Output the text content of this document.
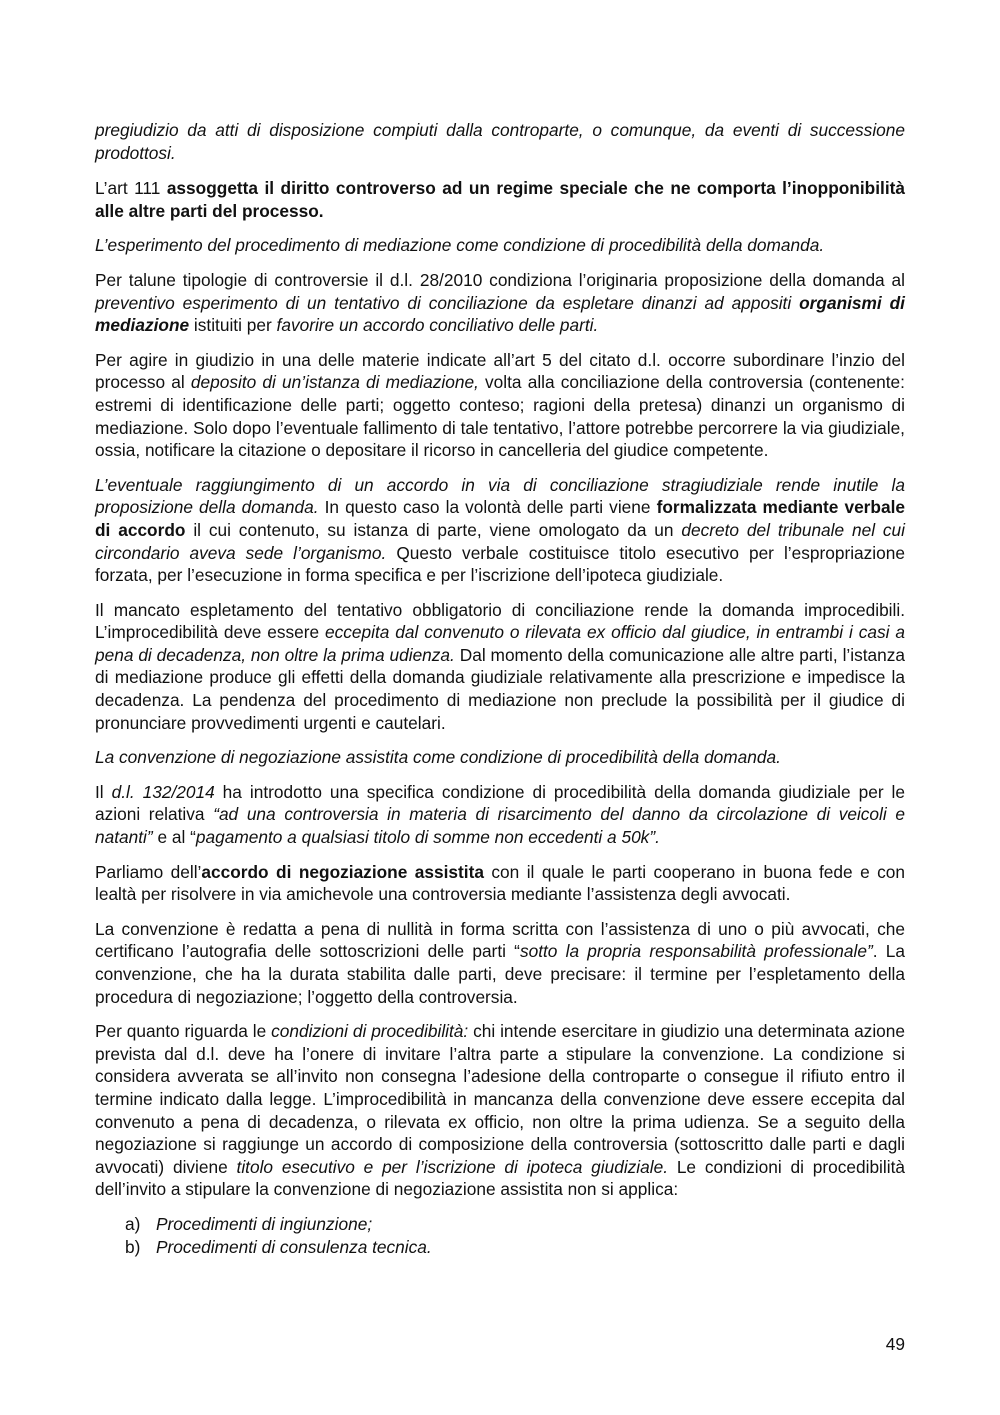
pregiudizio da atti di disposizione compiuti dalla controparte, o comunque, da eventi di successione prodottosi.

L’art 111 assoggetta il diritto controverso ad un regime speciale che ne comporta l’inopponibilità alle altre parti del processo.

L’esperimento del procedimento di mediazione come condizione di procedibilità della domanda.

Per talune tipologie di controversie il d.l. 28/2010 condiziona l’originaria proposizione della domanda al preventivo esperimento di un tentativo di conciliazione da espletare dinanzi ad appositi organismi di mediazione istituiti per favorire un accordo conciliativo delle parti.

Per agire in giudizio in una delle materie indicate all’art 5 del citato d.l. occorre subordinare l’inzio del processo al deposito di un’istanza di mediazione, volta alla conciliazione della controversia (contenente: estremi di identificazione delle parti; oggetto conteso; ragioni della pretesa) dinanzi un organismo di mediazione. Solo dopo l’eventuale fallimento di tale tentativo, l’attore potrebbe percorrere la via giudiziale, ossia, notificare la citazione o depositare il ricorso in cancelleria del giudice competente.

L’eventuale raggiungimento di un accordo in via di conciliazione stragiudiziale rende inutile la proposizione della domanda. In questo caso la volontà delle parti viene formalizzata mediante verbale di accordo il cui contenuto, su istanza di parte, viene omologato da un decreto del tribunale nel cui circondario aveva sede l’organismo. Questo verbale costituisce titolo esecutivo per l’espropriazione forzata, per l’esecuzione in forma specifica e per l’iscrizione dell’ipoteca giudiziale.

Il mancato espletamento del tentativo obbligatorio di conciliazione rende la domanda improcedibili. L’improcedibilità deve essere eccepita dal convenuto o rilevata ex officio dal giudice, in entrambi i casi a pena di decadenza, non oltre la prima udienza. Dal momento della comunicazione alle altre parti, l’istanza di mediazione produce gli effetti della domanda giudiziale relativamente alla prescrizione e impedisce la decadenza. La pendenza del procedimento di mediazione non preclude la possibilità per il giudice di pronunciare provvedimenti urgenti e cautelari.

La convenzione di negoziazione assistita come condizione di procedibilità della domanda.

Il d.l. 132/2014 ha introdotto una specifica condizione di procedibilità della domanda giudiziale per le azioni relativa “ad una controversia in materia di risarcimento del danno da circolazione di veicoli e natanti” e al “pagamento a qualsiasi titolo di somme non eccedenti a 50k”.

Parliamo dell’accordo di negoziazione assistita con il quale le parti cooperano in buona fede e con lealtà per risolvere in via amichevole una controversia mediante l’assistenza degli avvocati.

La convenzione è redatta a pena di nullità in forma scritta con l’assistenza di uno o più avvocati, che certificano l’autografia delle sottoscrizioni delle parti “sotto la propria responsabilità professionale”. La convenzione, che ha la durata stabilita dalle parti, deve precisare: il termine per l’espletamento della procedura di negoziazione; l’oggetto della controversia.

Per quanto riguarda le condizioni di procedibilità: chi intende esercitare in giudizio una determinata azione prevista dal d.l. deve ha l’onere di invitare l’altra parte a stipulare la convenzione. La condizione si considera avverata se all’invito non consegna l’adesione della controparte o consegue il rifiuto entro il termine indicato dalla legge. L’improcedibilità in mancanza della convenzione deve essere eccepita dal convenuto a pena di decadenza, o rilevata ex officio, non oltre la prima udienza. Se a seguito della negoziazione si raggiunge un accordo di composizione della controversia (sottoscritto dalle parti e dagli avvocati) diviene titolo esecutivo e per l’iscrizione di ipoteca giudiziale. Le condizioni di procedibilità dell’invito a stipulare la convenzione di negoziazione assistita non si applica:

a) Procedimenti di ingiunzione;
b) Procedimenti di consulenza tecnica.
49
